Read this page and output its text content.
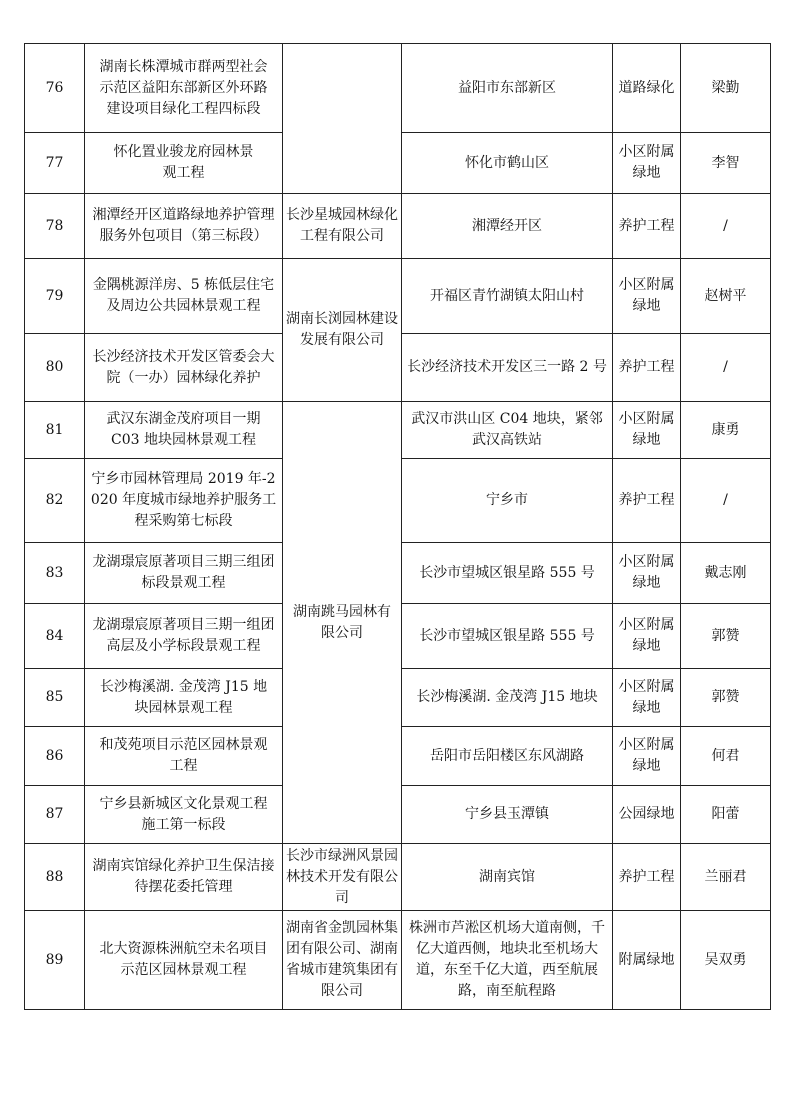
76	湖南长株潭城市群两型社会示范区益阳东部新区外环路建设项目绿化工程四标段		益阳市东部新区	道路绿化	梁勤
77	怀化置业骏龙府园林景观工程		怀化市鹤山区	小区附属绿地	李智
78	湘潭经开区道路绿地养护管理服务外包项目（第三标段）	长沙星城园林绿化工程有限公司	湘潭经开区	养护工程	/
79	金隅桃源洋房、5 栋低层住宅及周边公共园林景观工程	湖南长浏园林建设发展有限公司	开福区青竹湖镇太阳山村	小区附属绿地	赵树平
80	长沙经济技术开发区管委会大院（一办）园林绿化养护		长沙经济技术开发区三一路 2 号	养护工程	/
81	武汉东湖金茂府项目一期 C03 地块园林景观工程	湖南跳马园林有限公司	武汉市洪山区 C04 地块，紧邻武汉高铁站	小区附属绿地	康勇
82	宁乡市园林管理局 2019 年-2020 年度城市绿地养护服务工程采购第七标段		宁乡市	养护工程	/
83	龙湖璟宸原著项目三期三组团标段景观工程		长沙市望城区银星路 555 号	小区附属绿地	戴志刚
84	龙湖璟宸原著项目三期一组团高层及小学标段景观工程		长沙市望城区银星路 555 号	小区附属绿地	郭赞
85	长沙梅溪湖. 金茂湾 J15 地块园林景观工程		长沙梅溪湖. 金茂湾 J15 地块	小区附属绿地	郭赞
86	和茂苑项目示范区园林景观工程		岳阳市岳阳楼区东风湖路	小区附属绿地	何君
87	宁乡县新城区文化景观工程施工第一标段		宁乡县玉潭镇	公园绿地	阳蕾
88	湖南宾馆绿化养护卫生保洁接待摆花委托管理	长沙市绿洲风景园林技术开发有限公司	湖南宾馆	养护工程	兰丽君
89	北大资源株洲航空未名项目示范区园林景观工程	湖南省金凯园林集团有限公司、湖南省城市建筑集团有限公司	株洲市芦淞区机场大道南侧，千亿大道西侧，地块北至机场大道，东至千亿大道，西至航展路，南至航程路	附属绿地	吴双勇
